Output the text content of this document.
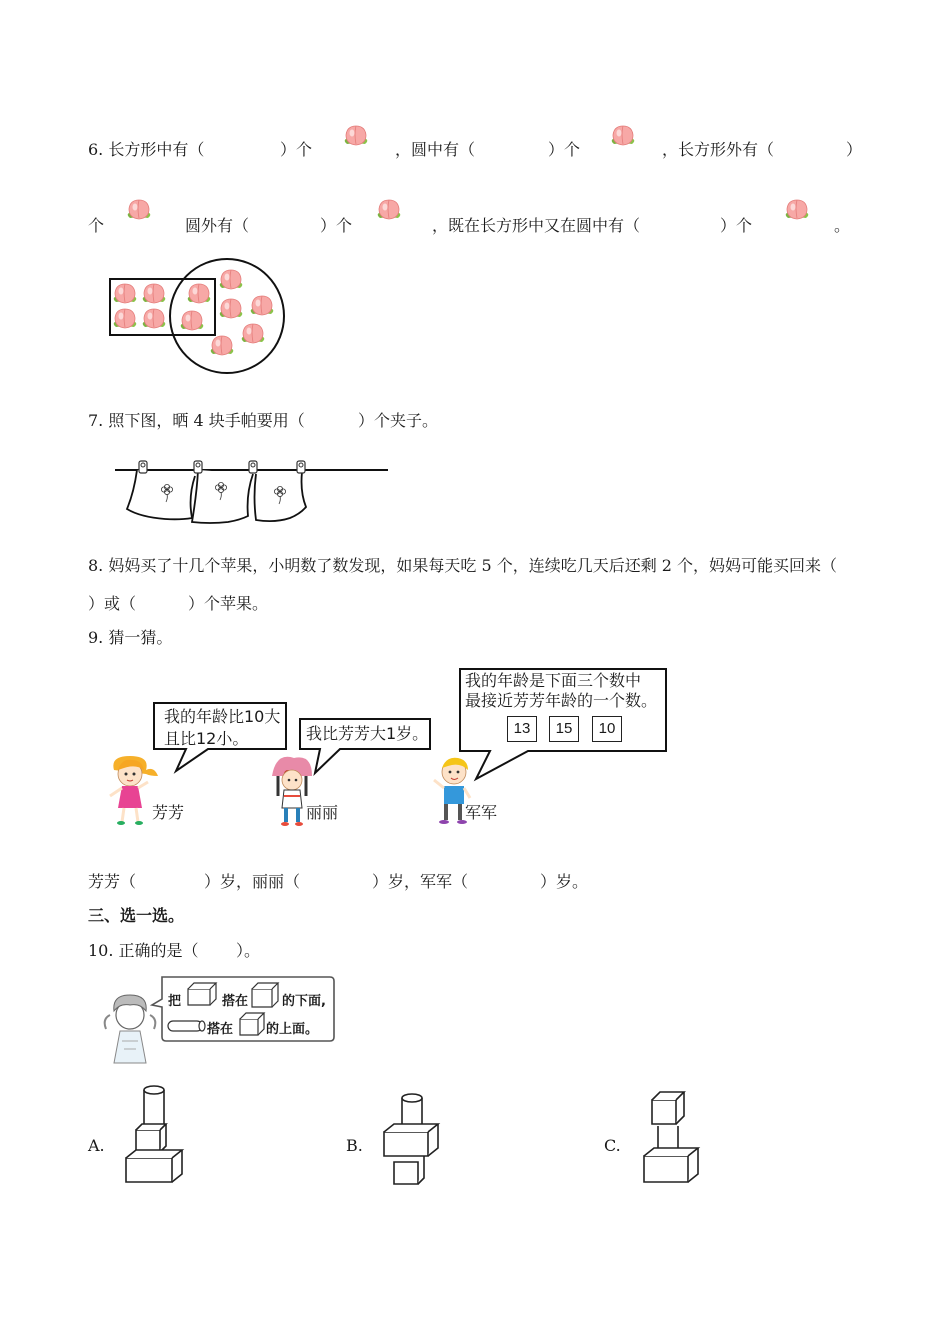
6. 长方形中有（	）个	，圆中有（	）个	，长方形外有（	）
个	圆外有（	）个	，既在长方形中又在圆中有（	）个	。
7. 照下图，晒 4 块手帕要用（	）个夹子。
8. 妈妈买了十几个苹果，小明数了数发现，如果每天吃 5 个，连续吃几天后还剩 2 个，妈妈可能买回来（
）或（	）个苹果。
9. 猜一猜。
我的年龄比10大
且比12小。	我比芳芳大1岁。
我的年龄是下面三个数中
最接近芳芳年龄的一个数。
13	15	10
芳芳	丽丽	军军
芳芳（	）岁，丽丽（	）岁，军军（	）岁。
三、选一选。
10. 正确的是（ ）。
把	搭在	的下面,
搭在	的上面。
A.	B.	C.
